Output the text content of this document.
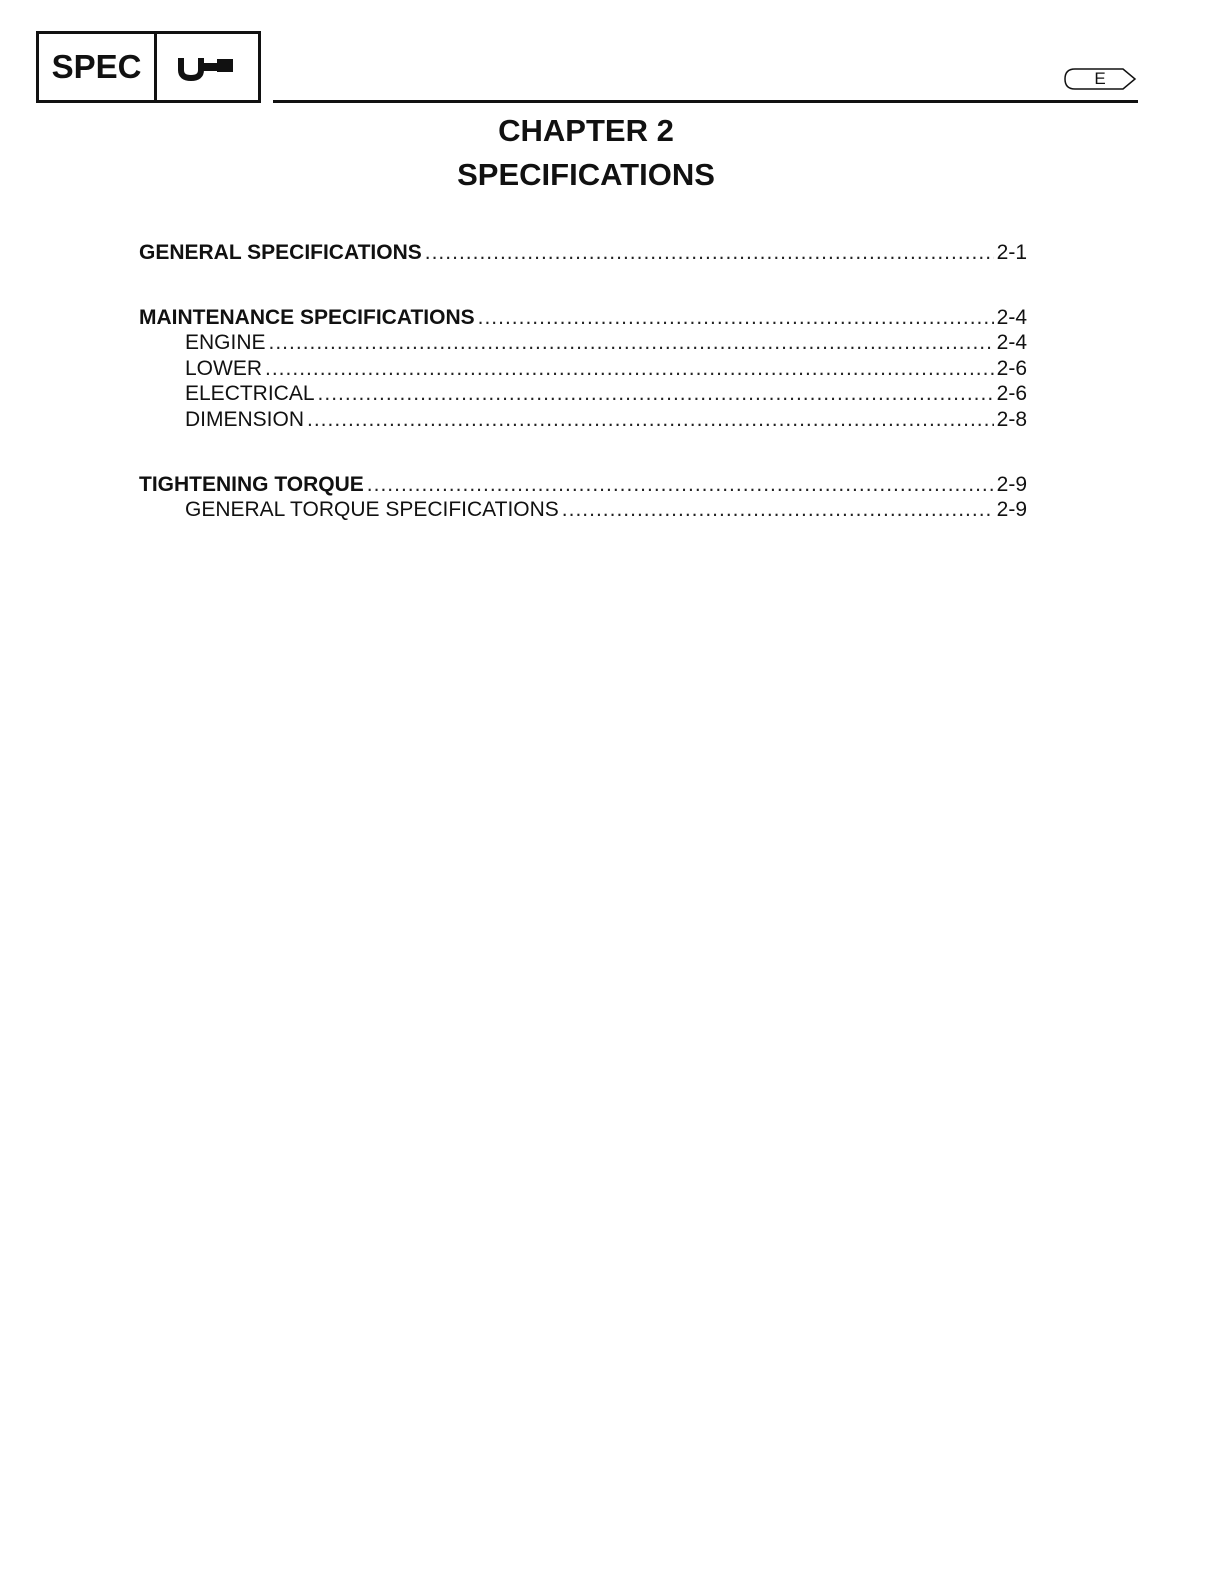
SPEC	E
CHAPTER 2
SPECIFICATIONS
GENERAL SPECIFICATIONS .....	2-1
MAINTENANCE SPECIFICATIONS .....	2-4
ENGINE .....	2-4
LOWER .....	2-6
ELECTRICAL .....	2-6
DIMENSION .....	2-8
TIGHTENING TORQUE .....	2-9
GENERAL TORQUE SPECIFICATIONS .....	2-9
